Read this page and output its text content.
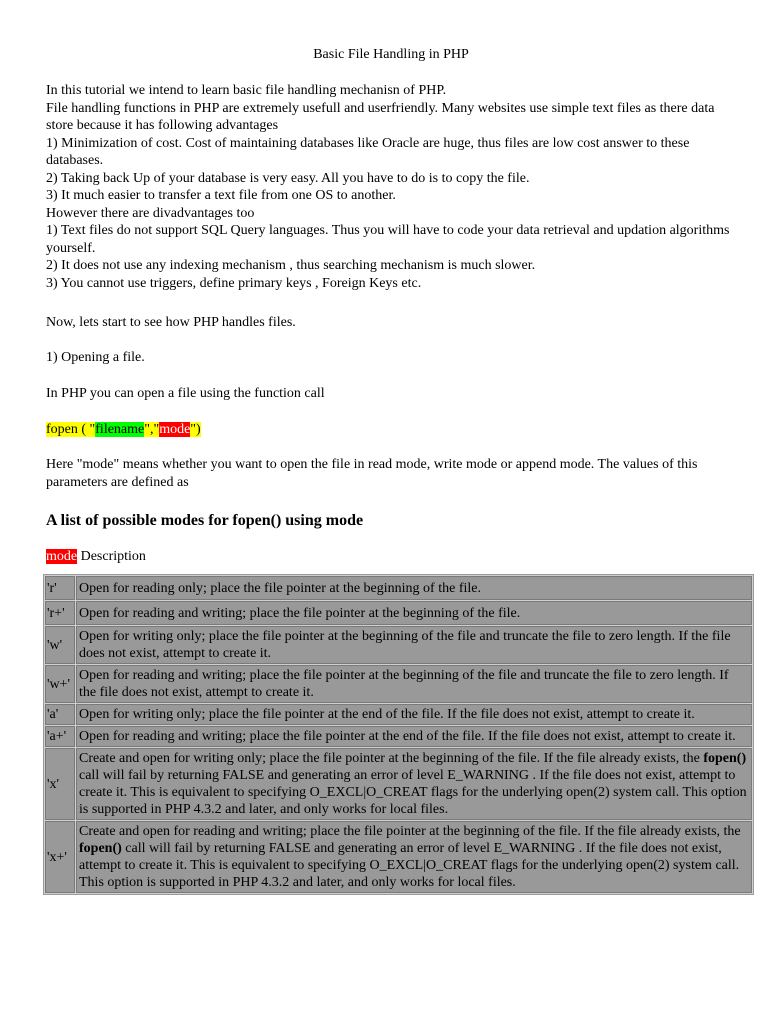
Basic File Handling in PHP
In this tutorial we intend to learn basic file handling mechanisn of PHP.
File handling functions in PHP are extremely usefull and userfriendly. Many websites use simple text files as there data store because it has following advantages
1) Minimization of cost. Cost of maintaining databases like Oracle are huge, thus files are low cost answer to these databases.
2) Taking back Up of your database is very easy. All you have to do is to copy the file.
3) It much easier to transfer a text file from one OS to another.
However there are divadvantages too
1) Text files do not support SQL Query languages. Thus you will have to code your data retrieval and updation algorithms yourself.
2) It does not use any indexing mechanism , thus searching mechanism is much slower.
3) You cannot use triggers, define primary keys , Foreign Keys etc.
Now, lets start to see how PHP handles files.
1) Opening a file.
In PHP you can open a file using the function call
fopen ( "filename","mode")
Here "mode" means whether you want to open the file in read mode, write mode or append mode. The values of this parameters are defined as
A list of possible modes for fopen() using mode
mode Description
'r'	Open for reading only; place the file pointer at the beginning of the file.
'r+'	Open for reading and writing; place the file pointer at the beginning of the file.
'w'	Open for writing only; place the file pointer at the beginning of the file and truncate the file to zero length. If the file does not exist, attempt to create it.
'w+'	Open for reading and writing; place the file pointer at the beginning of the file and truncate the file to zero length. If the file does not exist, attempt to create it.
'a'	Open for writing only; place the file pointer at the end of the file. If the file does not exist, attempt to create it.
'a+'	Open for reading and writing; place the file pointer at the end of the file. If the file does not exist, attempt to create it.
'x'	Create and open for writing only; place the file pointer at the beginning of the file. If the file already exists, the fopen() call will fail by returning FALSE and generating an error of level E_WARNING . If the file does not exist, attempt to create it. This is equivalent to specifying O_EXCL|O_CREAT flags for the underlying open(2) system call. This option is supported in PHP 4.3.2 and later, and only works for local files.
'x+'	Create and open for reading and writing; place the file pointer at the beginning of the file. If the file already exists, the fopen() call will fail by returning FALSE and generating an error of level E_WARNING . If the file does not exist, attempt to create it. This is equivalent to specifying O_EXCL|O_CREAT flags for the underlying open(2) system call. This option is supported in PHP 4.3.2 and later, and only works for local files.
